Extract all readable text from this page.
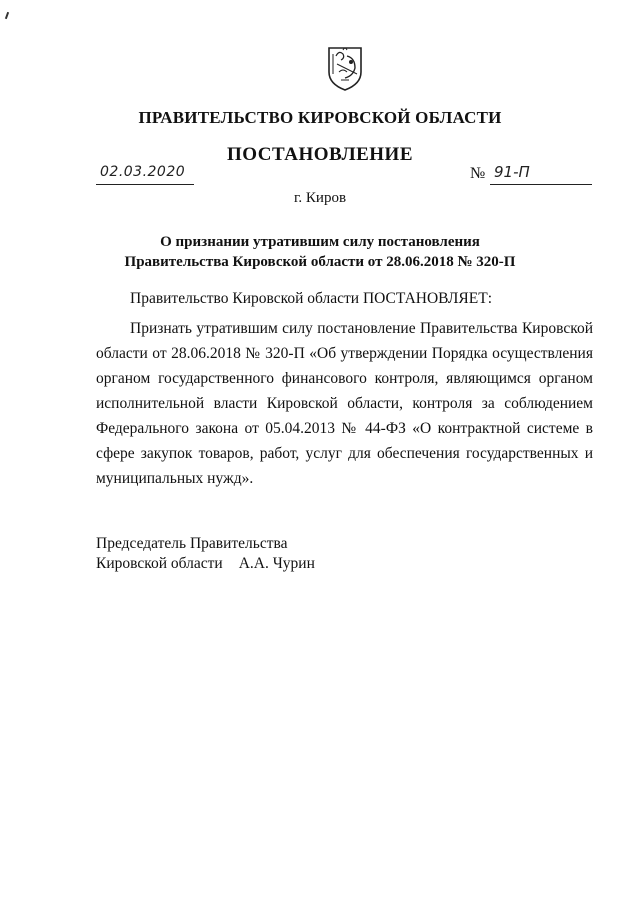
ПРАВИТЕЛЬСТВО КИРОВСКОЙ ОБЛАСТИ
ПОСТАНОВЛЕНИЕ
02.03.2020	№ 91-П
г. Киров
О признании утратившим силу постановления
Правительства Кировской области от 28.06.2018 № 320-П
Правительство Кировской области ПОСТАНОВЛЯЕТ:

Признать утратившим силу постановление Правительства Кировской области от 28.06.2018 № 320-П «Об утверждении Порядка осуществления органом государственного финансового контроля, являющимся органом исполнительной власти Кировской области, контроля за соблюдением Федерального закона от 05.04.2013 № 44-ФЗ «О контрактной системе в сфере закупок товаров, работ, услуг для обеспечения государственных и муниципальных нужд».

Председатель Правительства
Кировской области А.А. Чурин
